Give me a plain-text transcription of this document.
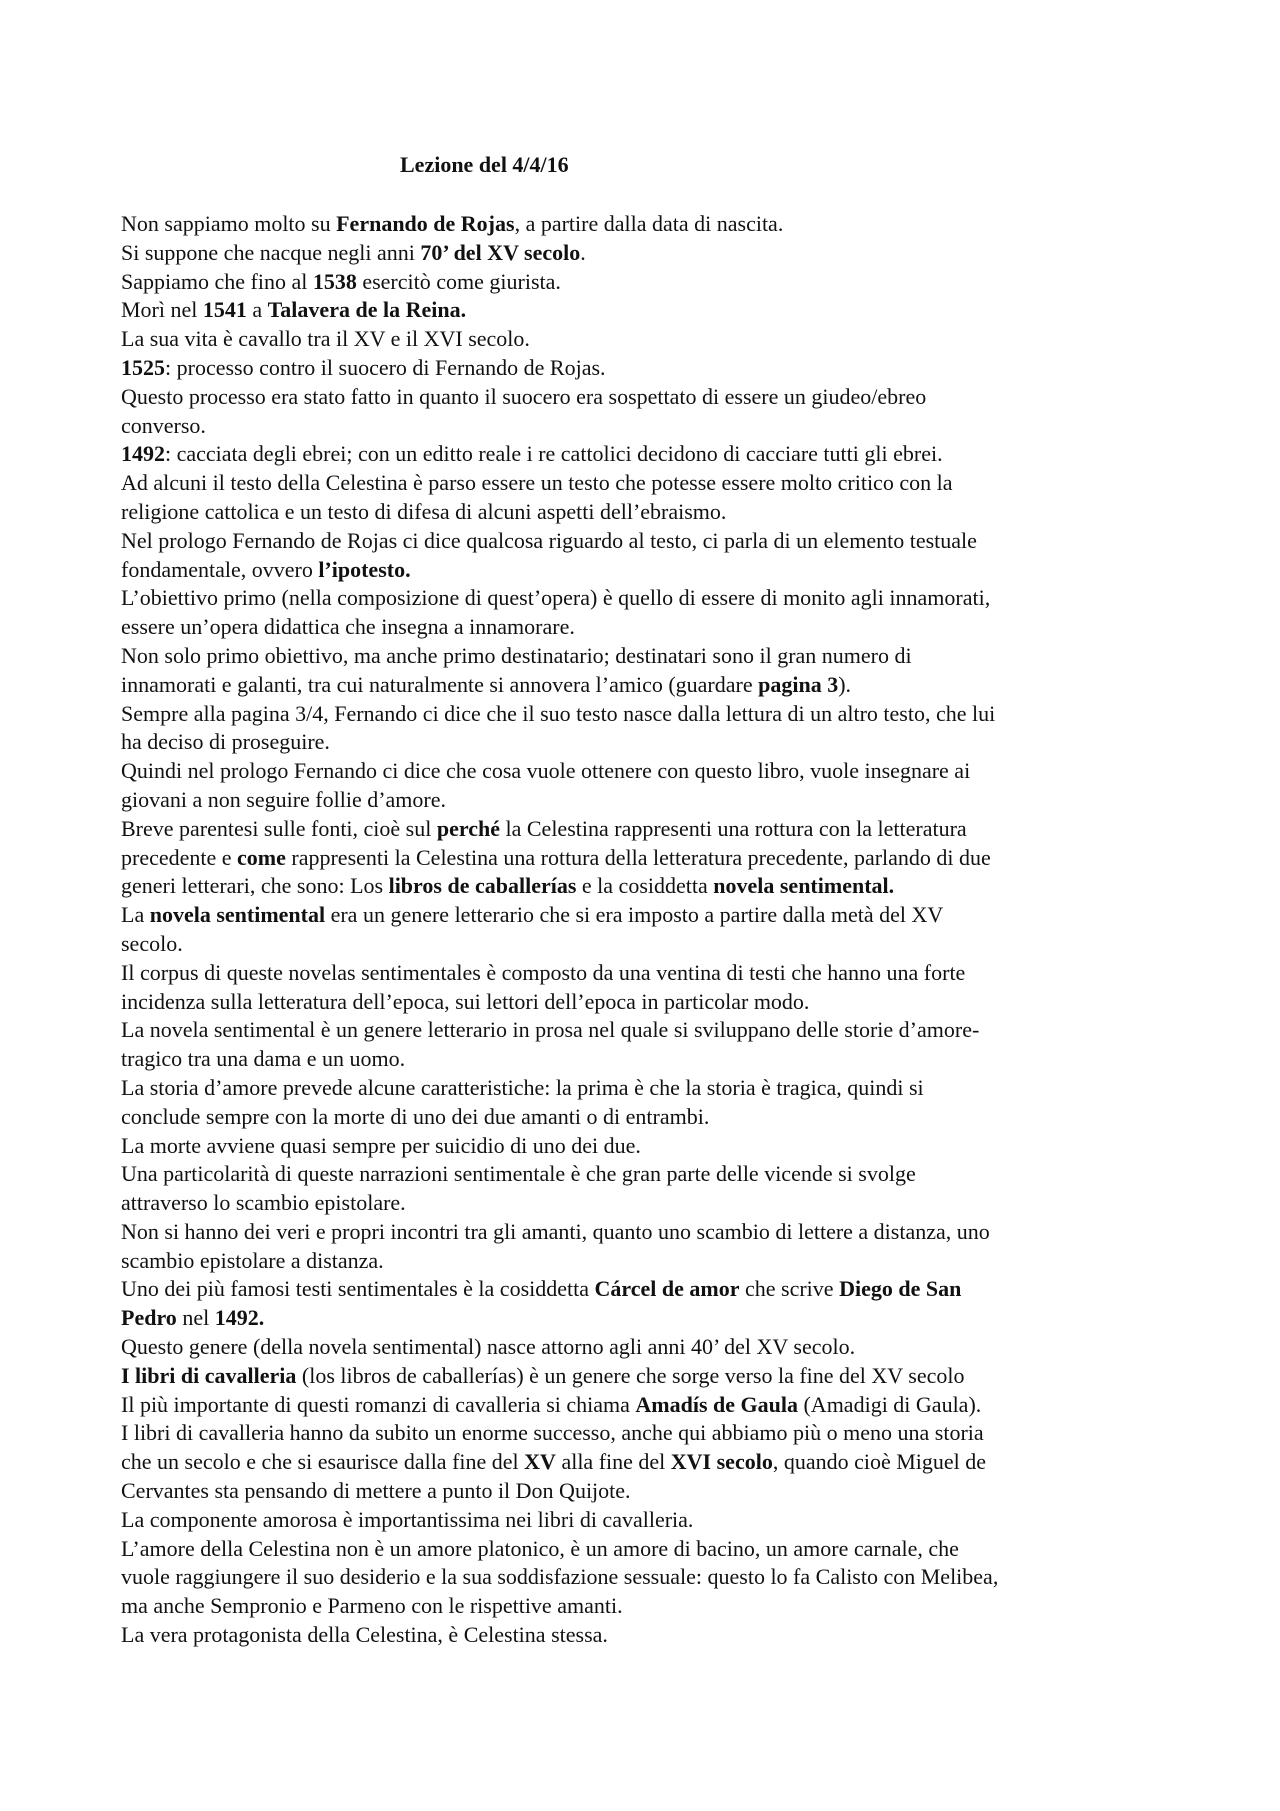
Lezione del 4/4/16
Non sappiamo molto su Fernando de Rojas, a partire dalla data di nascita.
Si suppone che nacque negli anni 70’ del XV secolo.
Sappiamo che fino al 1538 esercitò come giurista.
Morì nel 1541 a Talavera de la Reina.
La sua vita è cavallo tra il XV e il XVI secolo.
1525: processo contro il suocero di Fernando de Rojas.
Questo processo era stato fatto in quanto il suocero era sospettato di essere un giudeo/ebreo
converso.
1492: cacciata degli ebrei; con un editto reale i re cattolici decidono di cacciare tutti gli ebrei.
Ad alcuni il testo della Celestina è parso essere un testo che potesse essere molto critico con la
religione cattolica e un testo di difesa di alcuni aspetti dell’ebraismo.
Nel prologo Fernando de Rojas ci dice qualcosa riguardo al testo, ci parla di un elemento testuale
fondamentale, ovvero l’ipotesto.
L’obiettivo primo (nella composizione di quest’opera) è quello di essere di monito agli innamorati,
essere un’opera didattica che insegna a innamorare.
Non solo primo obiettivo, ma anche primo destinatario; destinatari sono il gran numero di
innamorati e galanti, tra cui naturalmente si annovera l’amico (guardare pagina 3).
Sempre alla pagina 3/4, Fernando ci dice che il suo testo nasce dalla lettura di un altro testo, che lui
ha deciso di proseguire.
Quindi nel prologo Fernando ci dice che cosa vuole ottenere con questo libro, vuole insegnare ai
giovani a non seguire follie d’amore.
Breve parentesi sulle fonti, cioè sul perché la Celestina rappresenti una rottura con la letteratura
precedente e come rappresenti la Celestina una rottura della letteratura precedente, parlando di due
generi letterari, che sono: Los libros de caballerías e la cosiddetta novela sentimental.
La novela sentimental era un genere letterario che si era imposto a partire dalla metà del XV
secolo.
Il corpus di queste novelas sentimentales è composto da una ventina di testi che hanno una forte
incidenza sulla letteratura dell’epoca, sui lettori dell’epoca in particolar modo.
La novela sentimental è un genere letterario in prosa nel quale si sviluppano delle storie d’amore-
tragico tra una dama e un uomo.
La storia d’amore prevede alcune caratteristiche: la prima è che la storia è tragica, quindi si
conclude sempre con la morte di uno dei due amanti o di entrambi.
La morte avviene quasi sempre per suicidio di uno dei due.
Una particolarità di queste narrazioni sentimentale è che gran parte delle vicende si svolge
attraverso lo scambio epistolare.
Non si hanno dei veri e propri incontri tra gli amanti, quanto uno scambio di lettere a distanza, uno
scambio epistolare a distanza.
Uno dei più famosi testi sentimentales è la cosiddetta Cárcel de amor che scrive Diego de San
Pedro nel 1492.
Questo genere (della novela sentimental) nasce attorno agli anni 40’ del XV secolo.
I libri di cavalleria (los libros de caballerías) è un genere che sorge verso la fine del XV secolo
Il più importante di questi romanzi di cavalleria si chiama Amadís de Gaula (Amadigi di Gaula).
I libri di cavalleria hanno da subito un enorme successo, anche qui abbiamo più o meno una storia
che un secolo e che si esaurisce dalla fine del XV alla fine del XVI secolo, quando cioè Miguel de
Cervantes sta pensando di mettere a punto il Don Quijote.
La componente amorosa è importantissima nei libri di cavalleria.
L’amore della Celestina non è un amore platonico, è un amore di bacino, un amore carnale, che
vuole raggiungere il suo desiderio e la sua soddisfazione sessuale: questo lo fa Calisto con Melibea,
ma anche Sempronio e Parmeno con le rispettive amanti.
La vera protagonista della Celestina, è Celestina stessa.
